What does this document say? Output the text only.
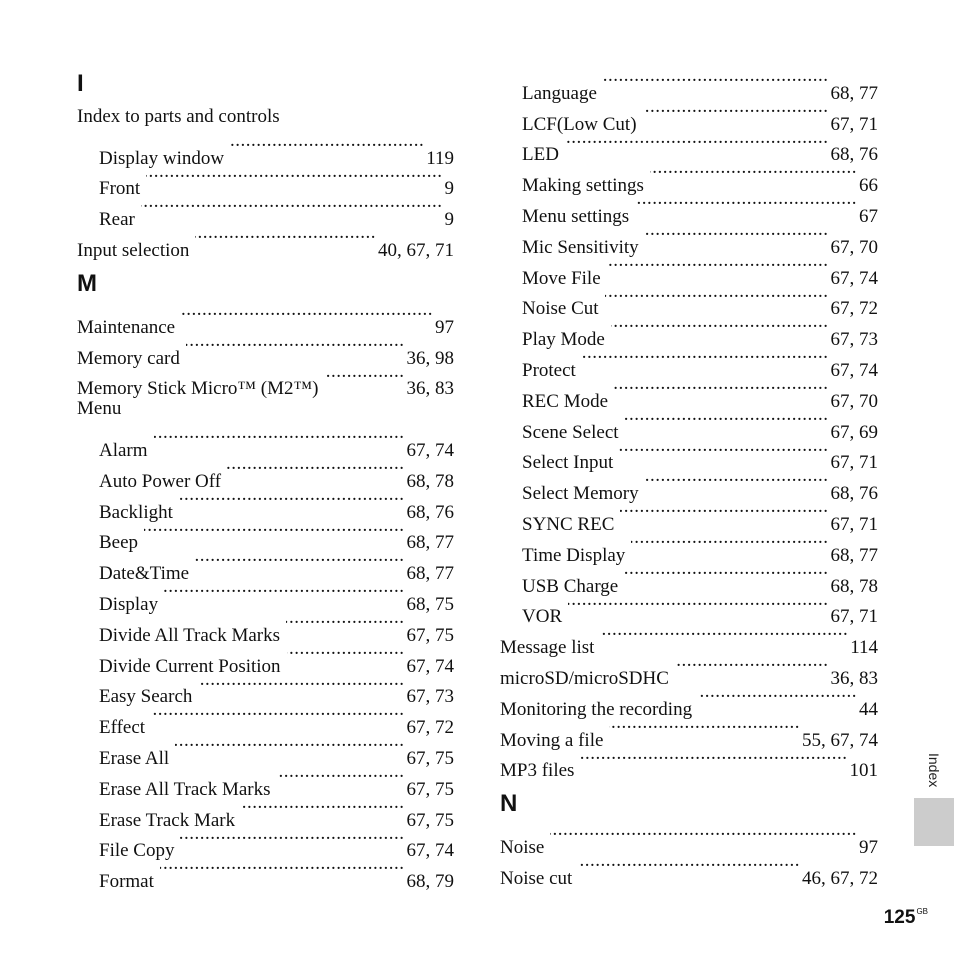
I
Index to parts and controls
Display window .....	119
Front .....	9
Rear .....	9
Input selection .....	40, 67, 71
M
Maintenance .....	97
Memory card .....	36, 98
Memory Stick Micro™ (M2™) .....	36, 83
Menu
Alarm .....	67, 74
Auto Power Off .....	68, 78
Backlight .....	68, 76
Beep .....	68, 77
Date&Time .....	68, 77
Display .....	68, 75
Divide All Track Marks .....	67, 75
Divide Current Position .....	67, 74
Easy Search .....	67, 73
Effect .....	67, 72
Erase All .....	67, 75
Erase All Track Marks .....	67, 75
Erase Track Mark .....	67, 75
File Copy .....	67, 74
Format .....	68, 79
Language .....	68, 77
LCF(Low Cut) .....	67, 71
LED .....	68, 76
Making settings .....	66
Menu settings .....	67
Mic Sensitivity .....	67, 70
Move File .....	67, 74
Noise Cut .....	67, 72
Play Mode .....	67, 73
Protect .....	67, 74
REC Mode .....	67, 70
Scene Select .....	67, 69
Select Input .....	67, 71
Select Memory .....	68, 76
SYNC REC .....	67, 71
Time Display .....	68, 77
USB Charge .....	68, 78
VOR .....	67, 71
Message list .....	114
microSD/microSDHC .....	36, 83
Monitoring the recording .....	44
Moving a file .....	55, 67, 74
MP3 files .....	101
N
Noise .....	97
Noise cut .....	46, 67, 72
Index
$125^{GB}$
